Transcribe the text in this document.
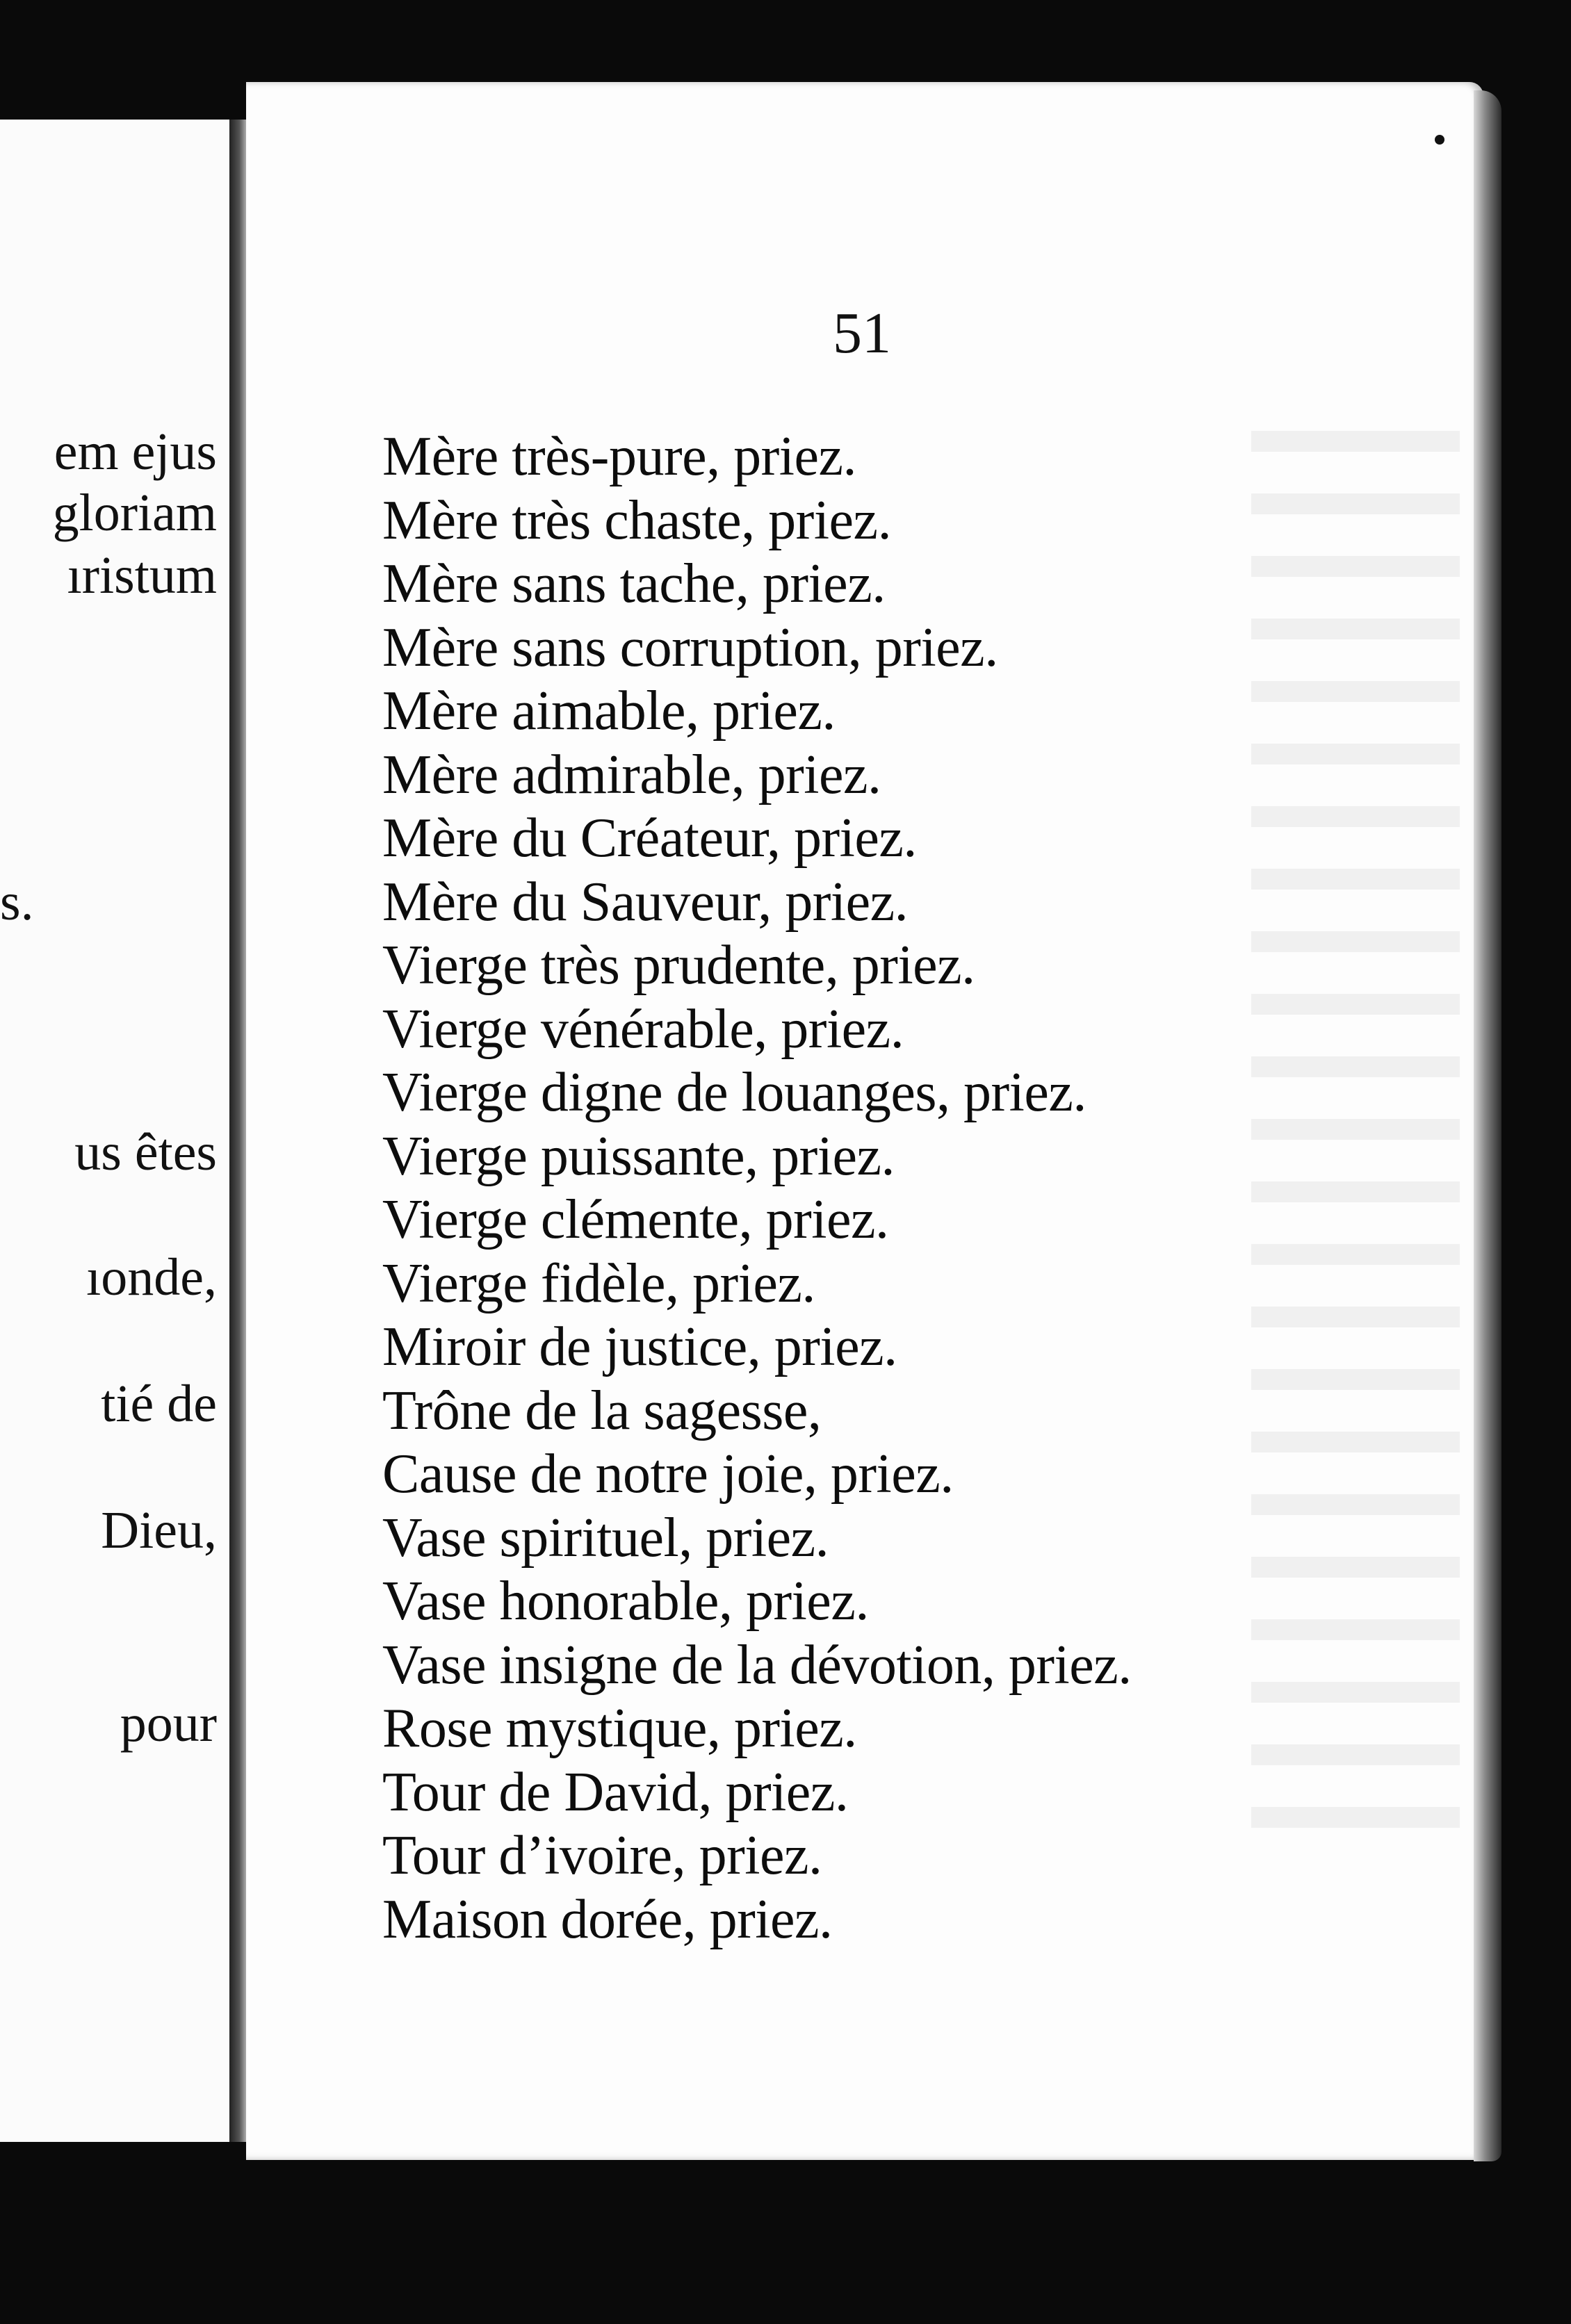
em ejus
gloriam
ıristum
s.
us êtes
ıonde,
tié de
Dieu,
pour
51
Mère très-pure, priez.
Mère très chaste, priez.
Mère sans tache, priez.
Mère sans corruption, priez.
Mère aimable, priez.
Mère admirable, priez.
Mère du Créateur, priez.
Mère du Sauveur, priez.
Vierge très prudente, priez.
Vierge vénérable, priez.
Vierge digne de louanges, priez.
Vierge puissante, priez.
Vierge clémente, priez.
Vierge fidèle, priez.
Miroir de justice, priez.
Trône de la sagesse,
Cause de notre joie, priez.
Vase spirituel, priez.
Vase honorable, priez.
Vase insigne de la dévotion, priez.
Rose mystique, priez.
Tour de David, priez.
Tour d’ivoire, priez.
Maison dorée, priez.
